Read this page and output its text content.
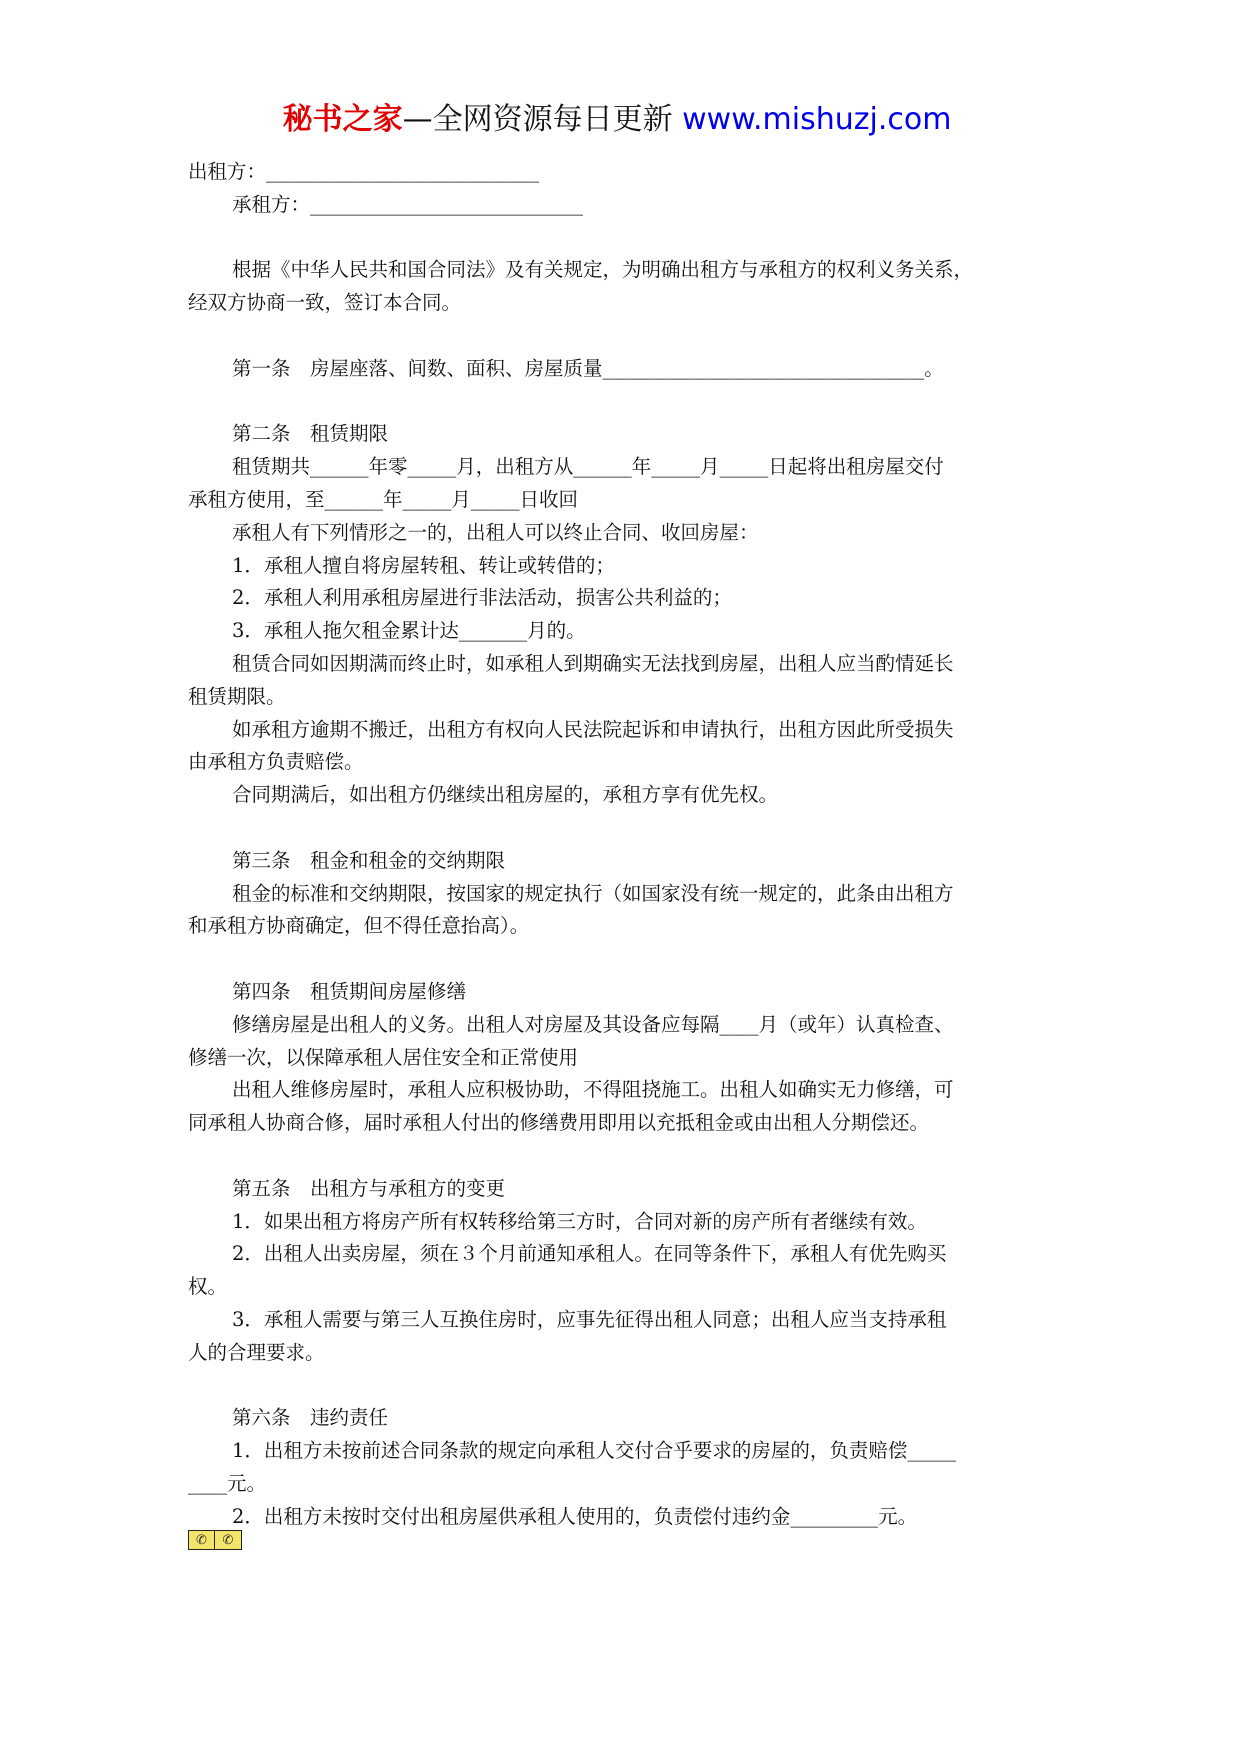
秘书之家—全网资源每日更新 www.mishuzj.com
出租方：____________________________
承租方：____________________________
根据《中华人民共和国合同法》及有关规定，为明确出租方与承租方的权利义务关系，
经双方协商一致，签订本合同。
第一条　房屋座落、间数、面积、房屋质量_________________________________。
第二条　租赁期限
租赁期共______年零_____月，出租方从______年_____月_____日起将出租房屋交付
承租方使用，至______年_____月_____日收回
承租人有下列情形之一的，出租人可以终止合同、收回房屋：
1．承租人擅自将房屋转租、转让或转借的；
2．承租人利用承租房屋进行非法活动，损害公共利益的；
3．承租人拖欠租金累计达_______月的。
租赁合同如因期满而终止时，如承租人到期确实无法找到房屋，出租人应当酌情延长
租赁期限。
如承租方逾期不搬迁，出租方有权向人民法院起诉和申请执行，出租方因此所受损失
由承租方负责赔偿。
合同期满后，如出租方仍继续出租房屋的，承租方享有优先权。
第三条　租金和租金的交纳期限
租金的标准和交纳期限，按国家的规定执行（如国家没有统一规定的，此条由出租方
和承租方协商确定，但不得任意抬高）。
第四条　租赁期间房屋修缮
修缮房屋是出租人的义务。出租人对房屋及其设备应每隔____月（或年）认真检查、
修缮一次，以保障承租人居住安全和正常使用
出租人维修房屋时，承租人应积极协助，不得阻挠施工。出租人如确实无力修缮，可
同承租人协商合修，届时承租人付出的修缮费用即用以充抵租金或由出租人分期偿还。
第五条　出租方与承租方的变更
1．如果出租方将房产所有权转移给第三方时，合同对新的房产所有者继续有效。
2．出租人出卖房屋，须在３个月前通知承租人。在同等条件下，承租人有优先购买
权。
3．承租人需要与第三人互换住房时，应事先征得出租人同意；出租人应当支持承租
人的合理要求。
第六条　违约责任
1．出租方未按前述合同条款的规定向承租人交付合乎要求的房屋的，负责赔偿_____
____元。
2．出租方未按时交付出租房屋供承租人使用的，负责偿付违约金_________元。
✆	✆
